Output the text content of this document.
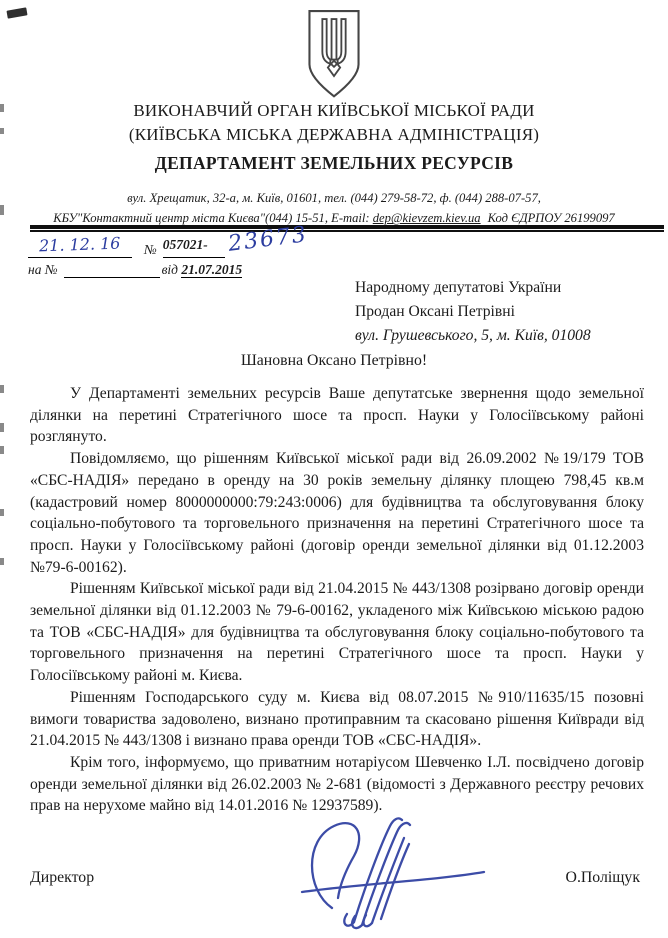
ВИКОНАВЧИЙ ОРГАН КИЇВСЬКОЇ МІСЬКОЇ РАДИ
(КИЇВСЬКА МІСЬКА ДЕРЖАВНА АДМІНІСТРАЦІЯ)
ДЕПАРТАМЕНТ ЗЕМЕЛЬНИХ РЕСУРСІВ
вул. Хрещатик, 32-а, м. Київ, 01601, тел. (044) 279-58-72, ф. (044) 288-07-57,
КБУ"Контактний центр міста Києва"(044) 15-51, E-mail: dep@kievzem.kiev.ua Код ЄДРПОУ 26199097
21. 12. 16 № 057021- 23673
на №	від 21.07.2015
Народному депутатові України
Продан Оксані Петрівні
вул. Грушевського, 5, м. Київ, 01008
Шановна Оксано Петрівно!

У Департаменті земельних ресурсів Ваше депутатське звернення щодо земельної ділянки на перетині Стратегічного шосе та просп. Науки у Голосіївському районі розглянуто.

Повідомляємо, що рішенням Київської міської ради від 26.09.2002 №19/179 ТОВ «СБС-НАДІЯ» передано в оренду на 30 років земельну ділянку площею 798,45 кв.м (кадастровий номер 8000000000:79:243:0006) для будівництва та обслуговування блоку соціально-побутового та торговельного призначення на перетині Стратегічного шосе та просп. Науки у Голосіївському районі (договір оренди земельної ділянки від 01.12.2003 №79-6-00162).

Рішенням Київської міської ради від 21.04.2015 № 443/1308 розірвано договір оренди земельної ділянки від 01.12.2003 № 79-6-00162, укладеного між Київською міською радою та ТОВ «СБС-НАДІЯ» для будівництва та обслуговування блоку соціально-побутового та торговельного призначення на перетині Стратегічного шосе та просп. Науки у Голосіївському районі м. Києва.

Рішенням Господарського суду м. Києва від 08.07.2015 №910/11635/15 позовні вимоги товариства задоволено, визнано протиправним та скасовано рішення Київради від 21.04.2015 № 443/1308 і визнано права оренди ТОВ «СБС-НАДІЯ».

Крім того, інформуємо, що приватним нотаріусом Шевченко І.Л. посвідчено договір оренди земельної ділянки від 26.02.2003 № 2-681 (відомості з Державного реєстру речових прав на нерухоме майно від 14.01.2016 № 12937589).

Директор	О.Поліщук
